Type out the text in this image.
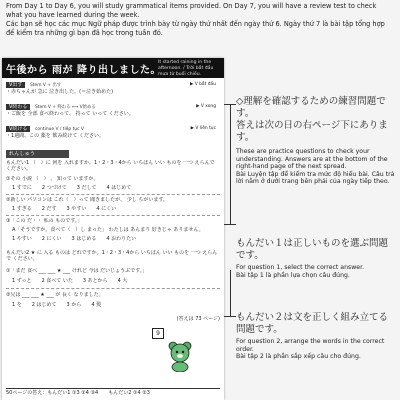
From Day 1 to Day 6, you will study grammatical items provided. On Day 7, you will have a review test to check what you have learned during the week.
Các bạn sẽ học các mục Ngữ pháp được trình bày từ ngày thứ nhất đến ngày thứ 6. Ngày thứ 7 là bài tập tổng hợp để kiểm tra những gì bạn đã học trong tuần đó.
午後から 雨が 降り出しました。
It started raining in the afternoon. / Trời bắt đầu mưa từ buổi chiều.
V出す Stem V + 出す	▶ V bắt đầu
・赤ちゃんが 急に 泣き出した。(＝泣き始めた)
V終わる Stem V + 終わる ⟷ V始める	▶ V xong
・ご飯を 全部 食べ終わって、 持って いって ください。
V続ける continue V / tiếp tục V	▶ V liên tục
・1週間、この 薬を 飲み続けて ください。
れんしゅう
もんだい1 （　）に 何を 入れますか。1・2・3・4から いちばん いい ものを 一つ えらんで ください。
①その 小説 （　） 、 知って いますか。
1 すでに　　2 つづけて　　3 だして　　4 はじめて
②新しい パソコンは これ（　）って 聞きましたが、 少し ちがいます。
1 すぎる　　2 だす　　3 やすい　　4 にくい
③「この だ・・ 私の ものです。」
A「そうですか。食べて（　）し まった」 わたしは あんまり 好きじゃ ありません。
1 やすい　　2 にくい　　3 はじめる　　4 おわりたい
もんだい2 ★ に 入る ものは どれですか。1・2・3・4から いちばん いい ものを 一つ えらんで ください。
①「まだ 食べ ___ ___ ★ ___ けれど 今は だいじょうぶです。」
1 ずっと　　2 食べて いた　　3 あとから　　4 大
②兄は ___ ___ ★ ___ が 長く なりました。
1 を　　2 はじめて　　3 から　　4 髪
(答えは 73 ページ)
9
50ページの答え：もんだい1 ①3 ②4 ③4　　もんだい2 ①4 ②3
◇理解を確認するための練習問題です。
答えは次の日の右ページ下にあります。
These are practice questions to check your understanding. Answers are at the bottom of the right-hand page of the next spread.
Bài Luyện tập để kiểm tra mức độ hiểu bài. Câu trả lời nằm ở dưới trang bên phải của ngày tiếp theo.
もんだい１は正しいものを選ぶ問題です。
For question 1, select the correct answer.
Bài tập 1 là phần lựa chọn câu đúng.
もんだい２は文を正しく組み立てる問題です。
For question 2, arrange the words in the correct order.
Bài tập 2 là phần sắp xếp câu cho đúng.
